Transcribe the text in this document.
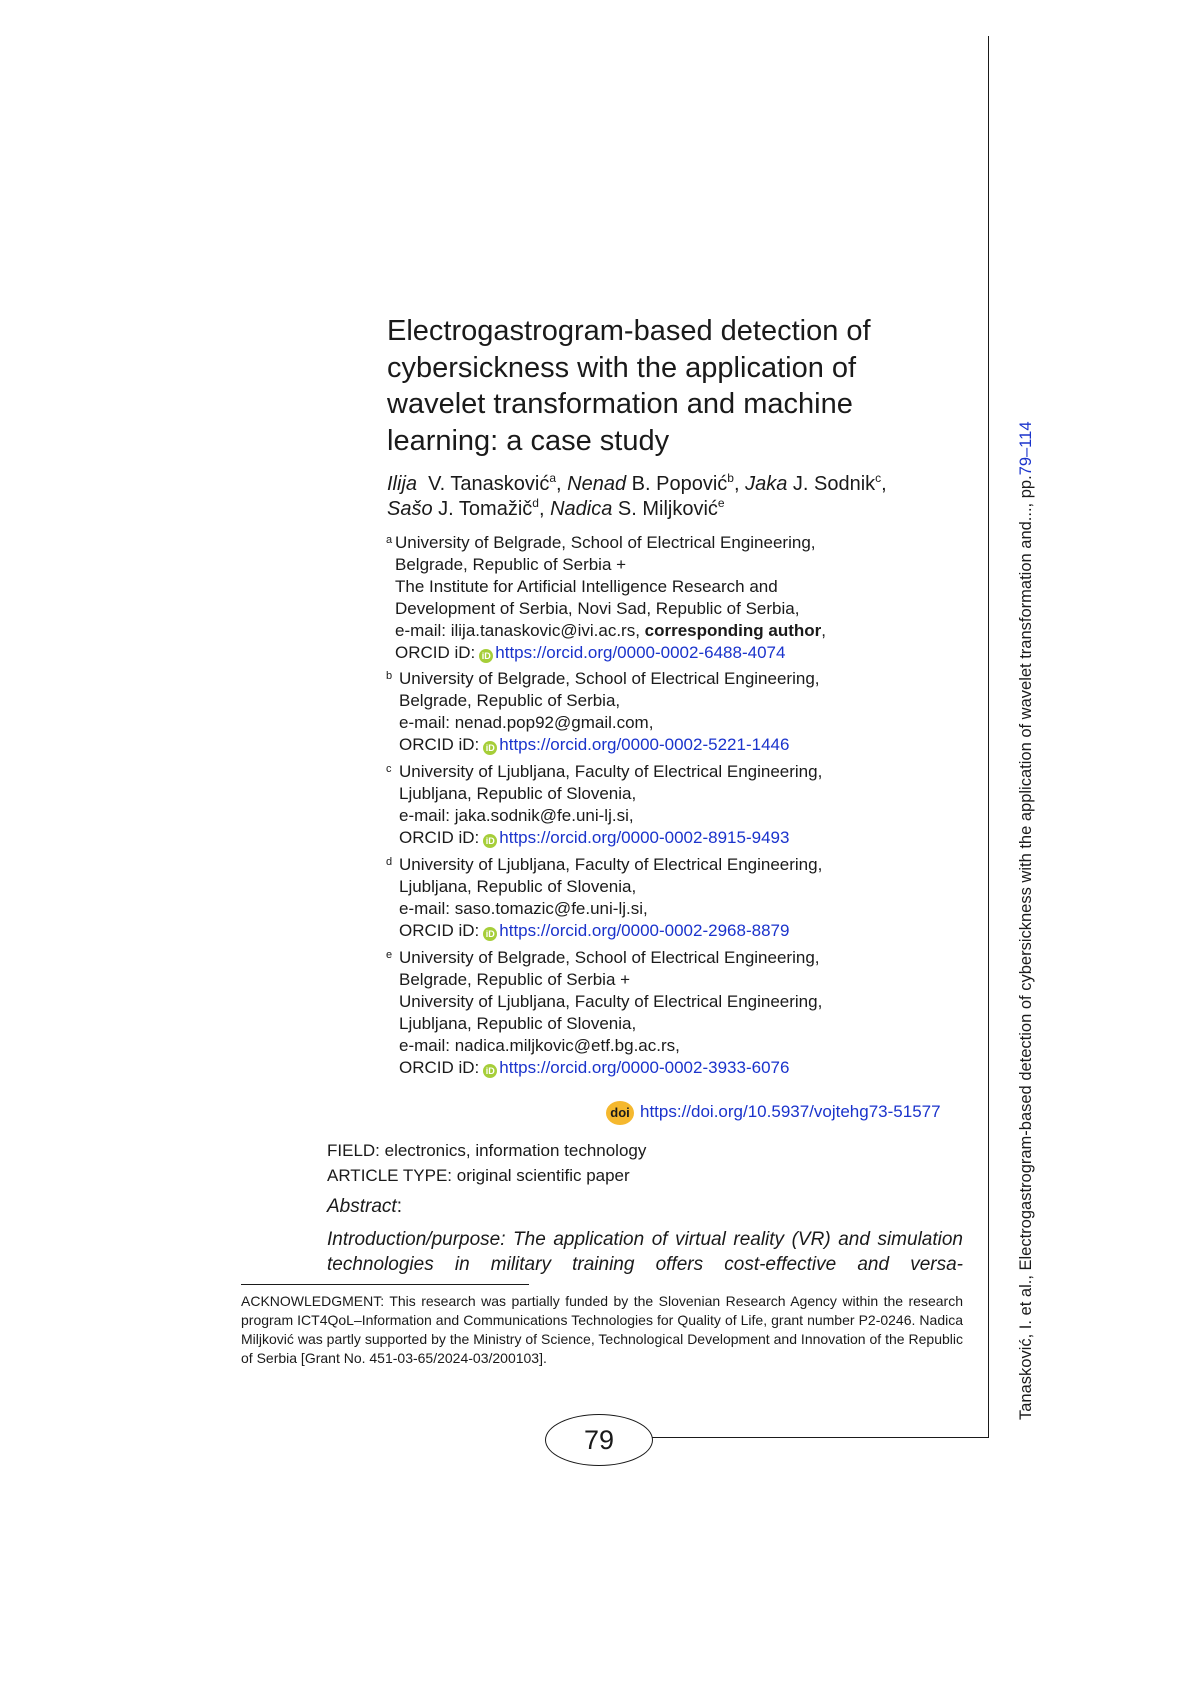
Electrogastrogram-based detection of cybersickness with the application of wavelet transformation and machine learning: a case study
Ilija V. Tanasković$^a$, Nenad B. Popović$^b$, Jaka J. Sodnik$^c$,
Sašo J. Tomažič$^d$, Nadica S. Miljković$^e$
a University of Belgrade, School of Electrical Engineering,
Belgrade, Republic of Serbia +
The Institute for Artificial Intelligence Research and
Development of Serbia, Novi Sad, Republic of Serbia,
e-mail: ilija.tanaskovic@ivi.ac.rs, corresponding author,
ORCID iD: iD https://orcid.org/0000-0002-6488-4074
b University of Belgrade, School of Electrical Engineering,
Belgrade, Republic of Serbia,
e-mail: nenad.pop92@gmail.com,
ORCID iD: iD https://orcid.org/0000-0002-5221-1446
c University of Ljubljana, Faculty of Electrical Engineering,
Ljubljana, Republic of Slovenia,
e-mail: jaka.sodnik@fe.uni-lj.si,
ORCID iD: iD https://orcid.org/0000-0002-8915-9493
d University of Ljubljana, Faculty of Electrical Engineering,
Ljubljana, Republic of Slovenia,
e-mail: saso.tomazic@fe.uni-lj.si,
ORCID iD: iD https://orcid.org/0000-0002-2968-8879
e University of Belgrade, School of Electrical Engineering,
Belgrade, Republic of Serbia +
University of Ljubljana, Faculty of Electrical Engineering,
Ljubljana, Republic of Slovenia,
e-mail: nadica.miljkovic@etf.bg.ac.rs,
ORCID iD: iD https://orcid.org/0000-0002-3933-6076
doi https://doi.org/10.5937/vojtehg73-51577
FIELD: electronics, information technology
ARTICLE TYPE: original scientific paper
Abstract:
Introduction/purpose: The application of virtual reality (VR) and simulation technologies in military training offers cost-effective and versa-
ACKNOWLEDGMENT: This research was partially funded by the Slovenian Research Agency within the research program ICT4QoL–Information and Communications Technologies for Quality of Life, grant number P2-0246. Nadica Miljković was partly supported by the Ministry of Science, Technological Development and Innovation of the Republic of Serbia [Grant No. 451-03-65/2024-03/200103].
79
Tanasković, I. et al., Electrogastrogram-based detection of cybersickness with the application of wavelet transformation and..., pp.79–114
